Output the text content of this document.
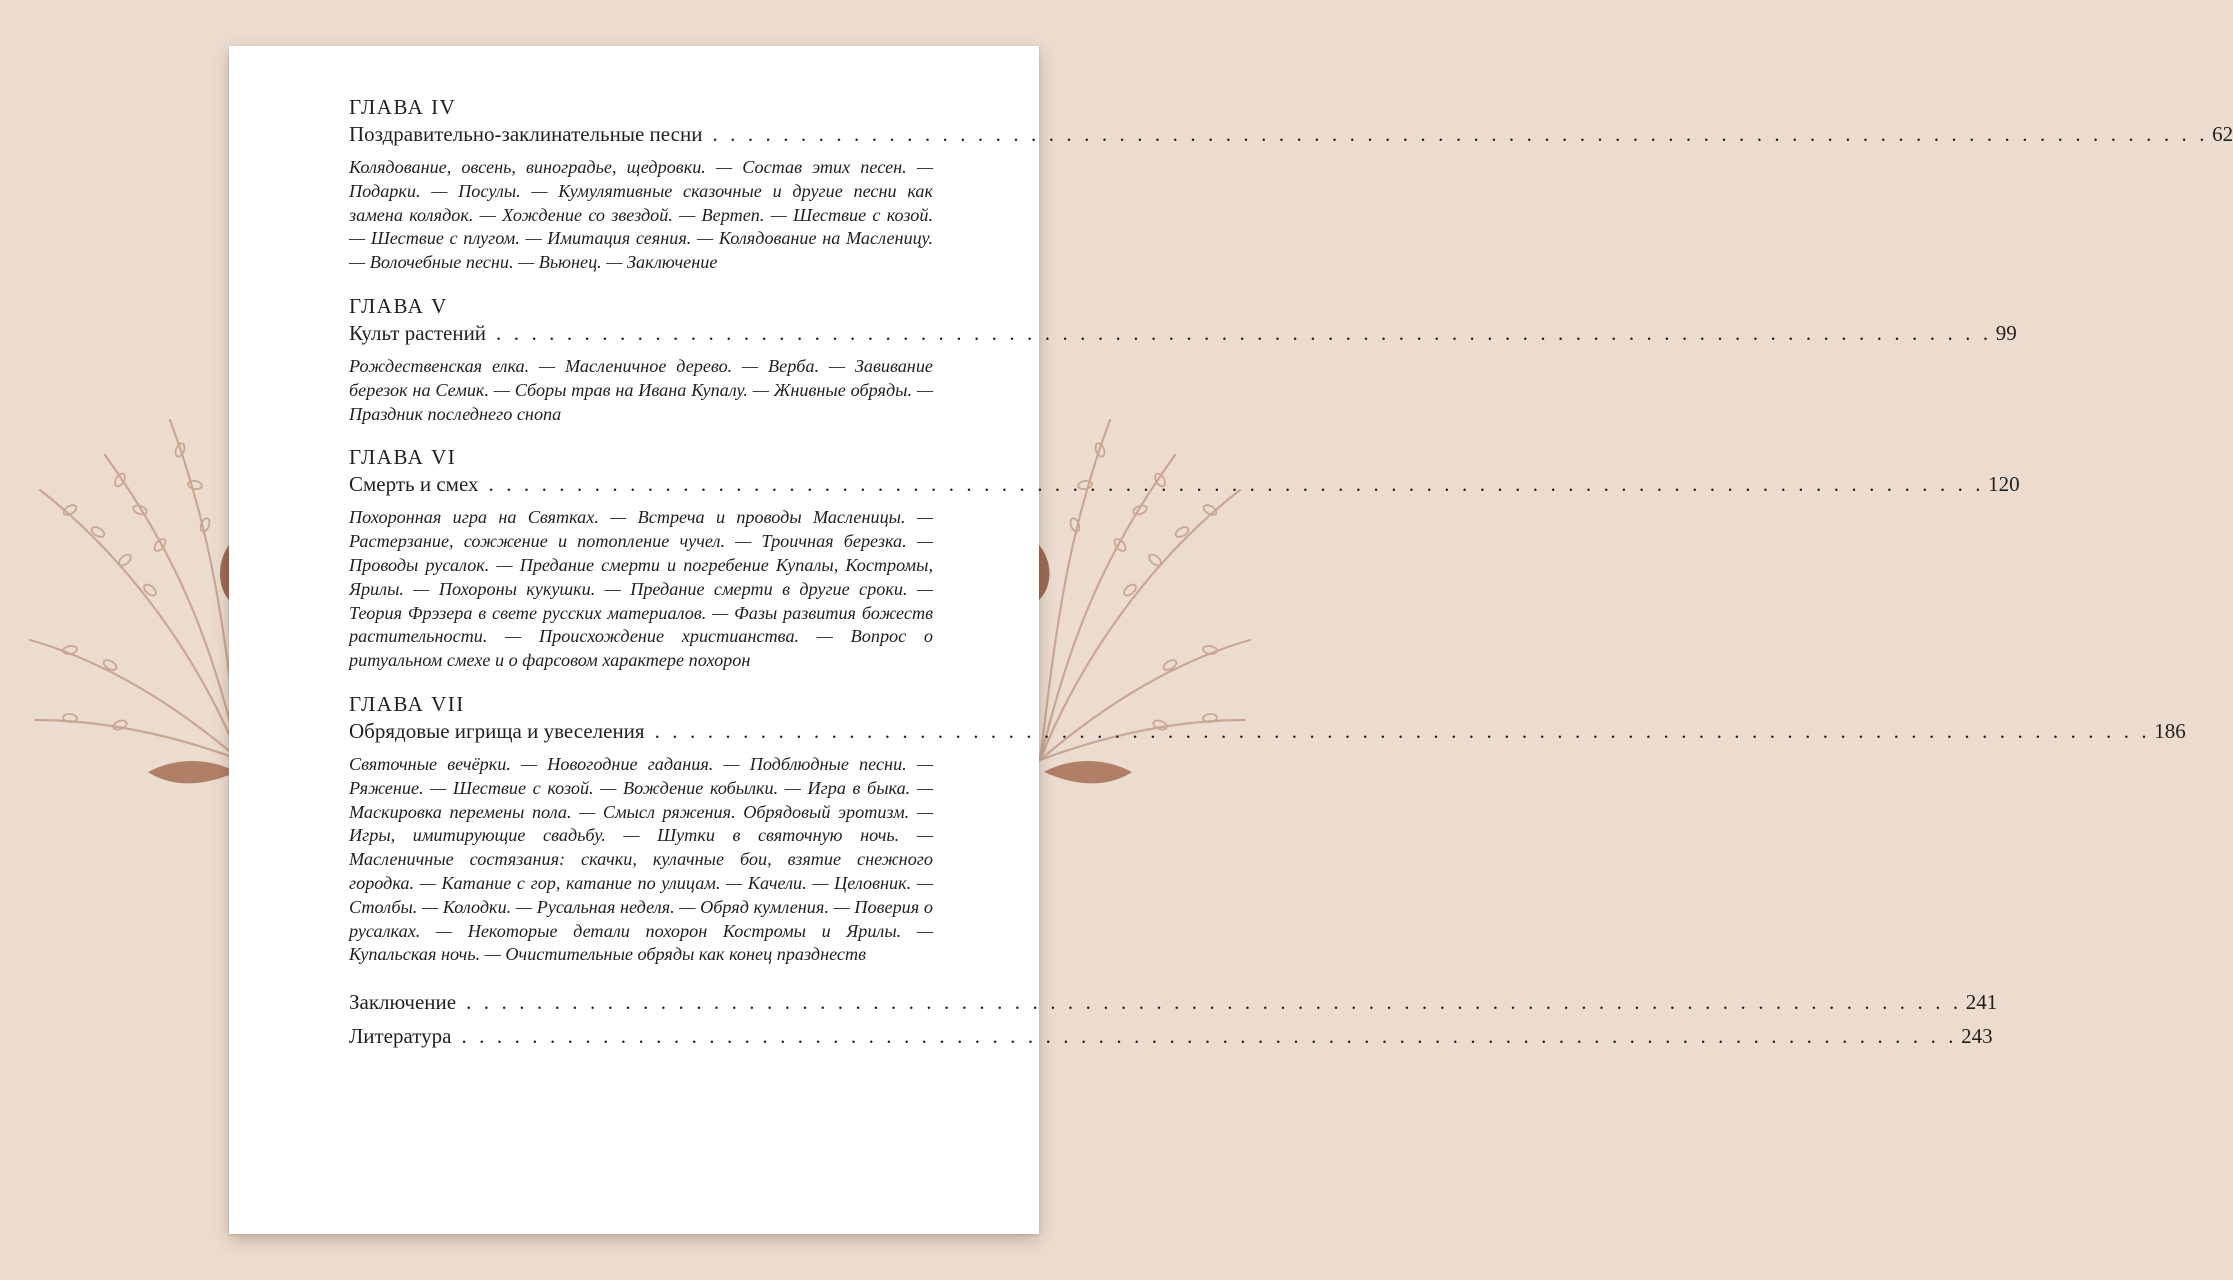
ГЛАВА IV
Поздравительно-заклинательные песни . . . . . . . . . . . . . . . . . . . . . . . . . . . . . . . . . . . . . . . . . . . . . . . . . . . . . . . . . . . . . . . . . . . . . . . . . . . . . . . . . . . . . 62
Колядование, овсень, виноградье, щедровки. — Состав этих песен. — Подарки. — Посулы. — Кумулятивные сказочные и другие песни как замена колядок. — Хождение со звездой. — Вертеп. — Шествие с козой. — Шествие с плугом. — Имитация сеяния. — Колядование на Масленицу. — Волочебные песни. — Вьюнец. — Заключение
ГЛАВА V
Культ растений . . . . . . . . . . . . . . . . . . . . . . . . . . . . . . . . . . . . . . . . . . . . . . . . . . . . . . . . . . . . . . . . . . . . . . . . . . . . . . . . . . . . . 99
Рождественская елка. — Масленичное дерево. — Верба. — Завивание березок на Семик. — Сборы трав на Ивана Купалу. — Жнивные обряды. — Праздник последнего снопа
ГЛАВА VI
Смерть и смех . . . . . . . . . . . . . . . . . . . . . . . . . . . . . . . . . . . . . . . . . . . . . . . . . . . . . . . . . . . . . . . . . . . . . . . . . . . . . . . . . . . . . 120
Похоронная игра на Святках. — Встреча и проводы Масленицы. — Растерзание, сожжение и потопление чучел. — Троичная березка. — Проводы русалок. — Предание смерти и погребение Купалы, Костромы, Ярилы. — Похороны кукушки. — Предание смерти в другие сроки. — Теория Фрэзера в свете русских материалов. — Фазы развития божеств растительности. — Происхождение христианства. — Вопрос о ритуальном смехе и о фарсовом характере похорон
ГЛАВА VII
Обрядовые игрища и увеселения . . . . . . . . . . . . . . . . . . . . . . . . . . . . . . . . . . . . . . . . . . . . . . . . . . . . . . . . . . . . . . . . . . . . . . . . . . . . . . . . . . . . . 186
Святочные вечёрки. — Новогодние гадания. — Подблюдные песни. — Ряжение. — Шествие с козой. — Вождение кобылки. — Игра в быка. — Маскировка перемены пола. — Смысл ряжения. Обрядовый эротизм. — Игры, имитирующие свадьбу. — Шутки в святочную ночь. — Масленичные состязания: скачки, кулачные бои, взятие снежного городка. — Катание с гор, катание по улицам. — Качели. — Целовник. — Столбы. — Колодки. — Русальная неделя. — Обряд кумления. — Поверия о русалках. — Некоторые детали похорон Костромы и Ярилы. — Купальская ночь. — Очистительные обряды как конец празднеств
Заключение . . . . . . . . . . . . . . . . . . . . . . . . . . . . . . . . . . . . . . . . . . . . . . . . . . . . . . . . . . . . . . . . . . . . . . . . . . . . . . . . . . . . . 241
Литература . . . . . . . . . . . . . . . . . . . . . . . . . . . . . . . . . . . . . . . . . . . . . . . . . . . . . . . . . . . . . . . . . . . . . . . . . . . . . . . . . . . . . 243
